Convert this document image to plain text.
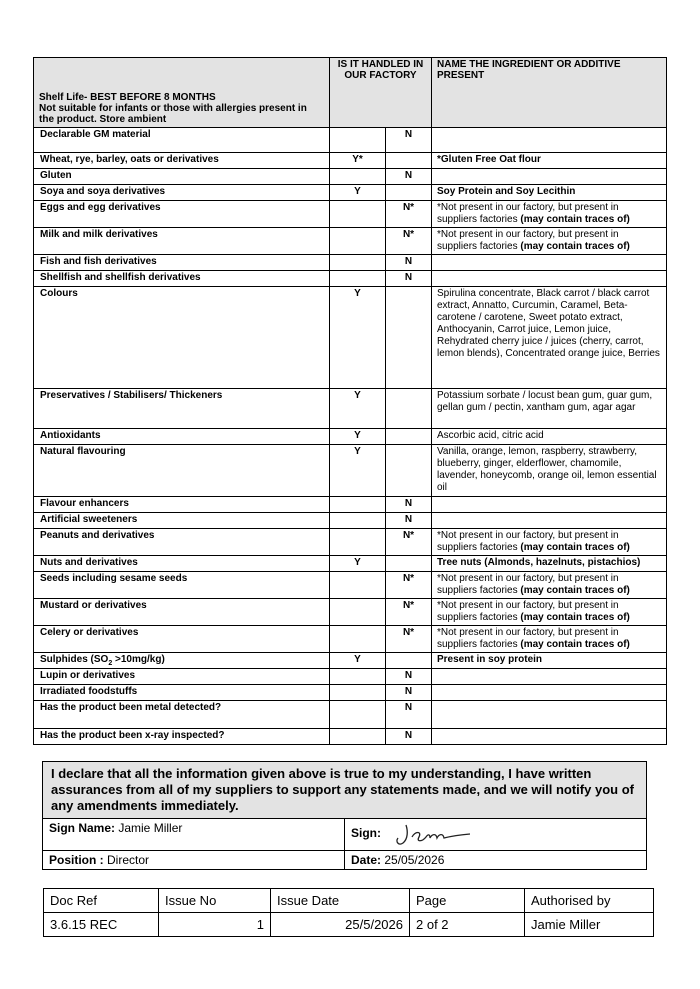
Shelf Life- BEST BEFORE 8 MONTHS
Not suitable for infants or those with allergies present in the product. Store ambient	IS IT HANDLED IN OUR FACTORY		NAME THE INGREDIENT OR ADDITIVE PRESENT
Declarable GM material		N	
Wheat, rye, barley, oats or derivatives	Y*		*Gluten Free Oat flour
Gluten		N	
Soya and soya derivatives	Y		Soy Protein and Soy Lecithin
Eggs and egg derivatives		N*	*Not present in our factory, but present in suppliers factories (may contain traces of)
Milk and milk derivatives		N*	*Not present in our factory, but present in suppliers factories (may contain traces of)
Fish and fish derivatives		N	
Shellfish and shellfish derivatives		N	
Colours	Y		Spirulina concentrate, Black carrot / black carrot extract, Annatto, Curcumin, Caramel, Beta-carotene / carotene, Sweet potato extract, Anthocyanin, Carrot juice, Lemon juice, Rehydrated cherry juice / juices (cherry, carrot, lemon blends), Concentrated orange juice, Berries
Preservatives / Stabilisers/ Thickeners	Y		Potassium sorbate / locust bean gum, guar gum, gellan gum / pectin, xantham gum, agar agar
Antioxidants	Y		Ascorbic acid, citric acid
Natural flavouring	Y		Vanilla, orange, lemon, raspberry, strawberry, blueberry, ginger, elderflower, chamomile, lavender, honeycomb, orange oil, lemon essential oil
Flavour enhancers		N	
Artificial sweeteners		N	
Peanuts and derivatives		N*	*Not present in our factory, but present in suppliers factories (may contain traces of)
Nuts and derivatives	Y		Tree nuts (Almonds, hazelnuts, pistachios)
Seeds including sesame seeds		N*	*Not present in our factory, but present in suppliers factories (may contain traces of)
Mustard or derivatives		N*	*Not present in our factory, but present in suppliers factories (may contain traces of)
Celery or derivatives		N*	*Not present in our factory, but present in suppliers factories (may contain traces of)
Sulphides $(SO_2 >10mg/kg)$	Y		Present in soy protein
Lupin or derivatives		N	
Irradiated foodstuffs		N	
Has the product been metal detected?		N	
Has the product been x-ray inspected?		N	
I declare that all the information given above is true to my understanding, I have written assurances from all of my suppliers to support any statements made, and we will notify you of any amendments immediately.	
Sign Name: Jamie Miller	Sign:
Position : Director	Date: 25/05/2026
Doc Ref	Issue No	Issue Date	Page	Authorised by
3.6.15 REC	1	25/5/2026	2 of 2	Jamie Miller
